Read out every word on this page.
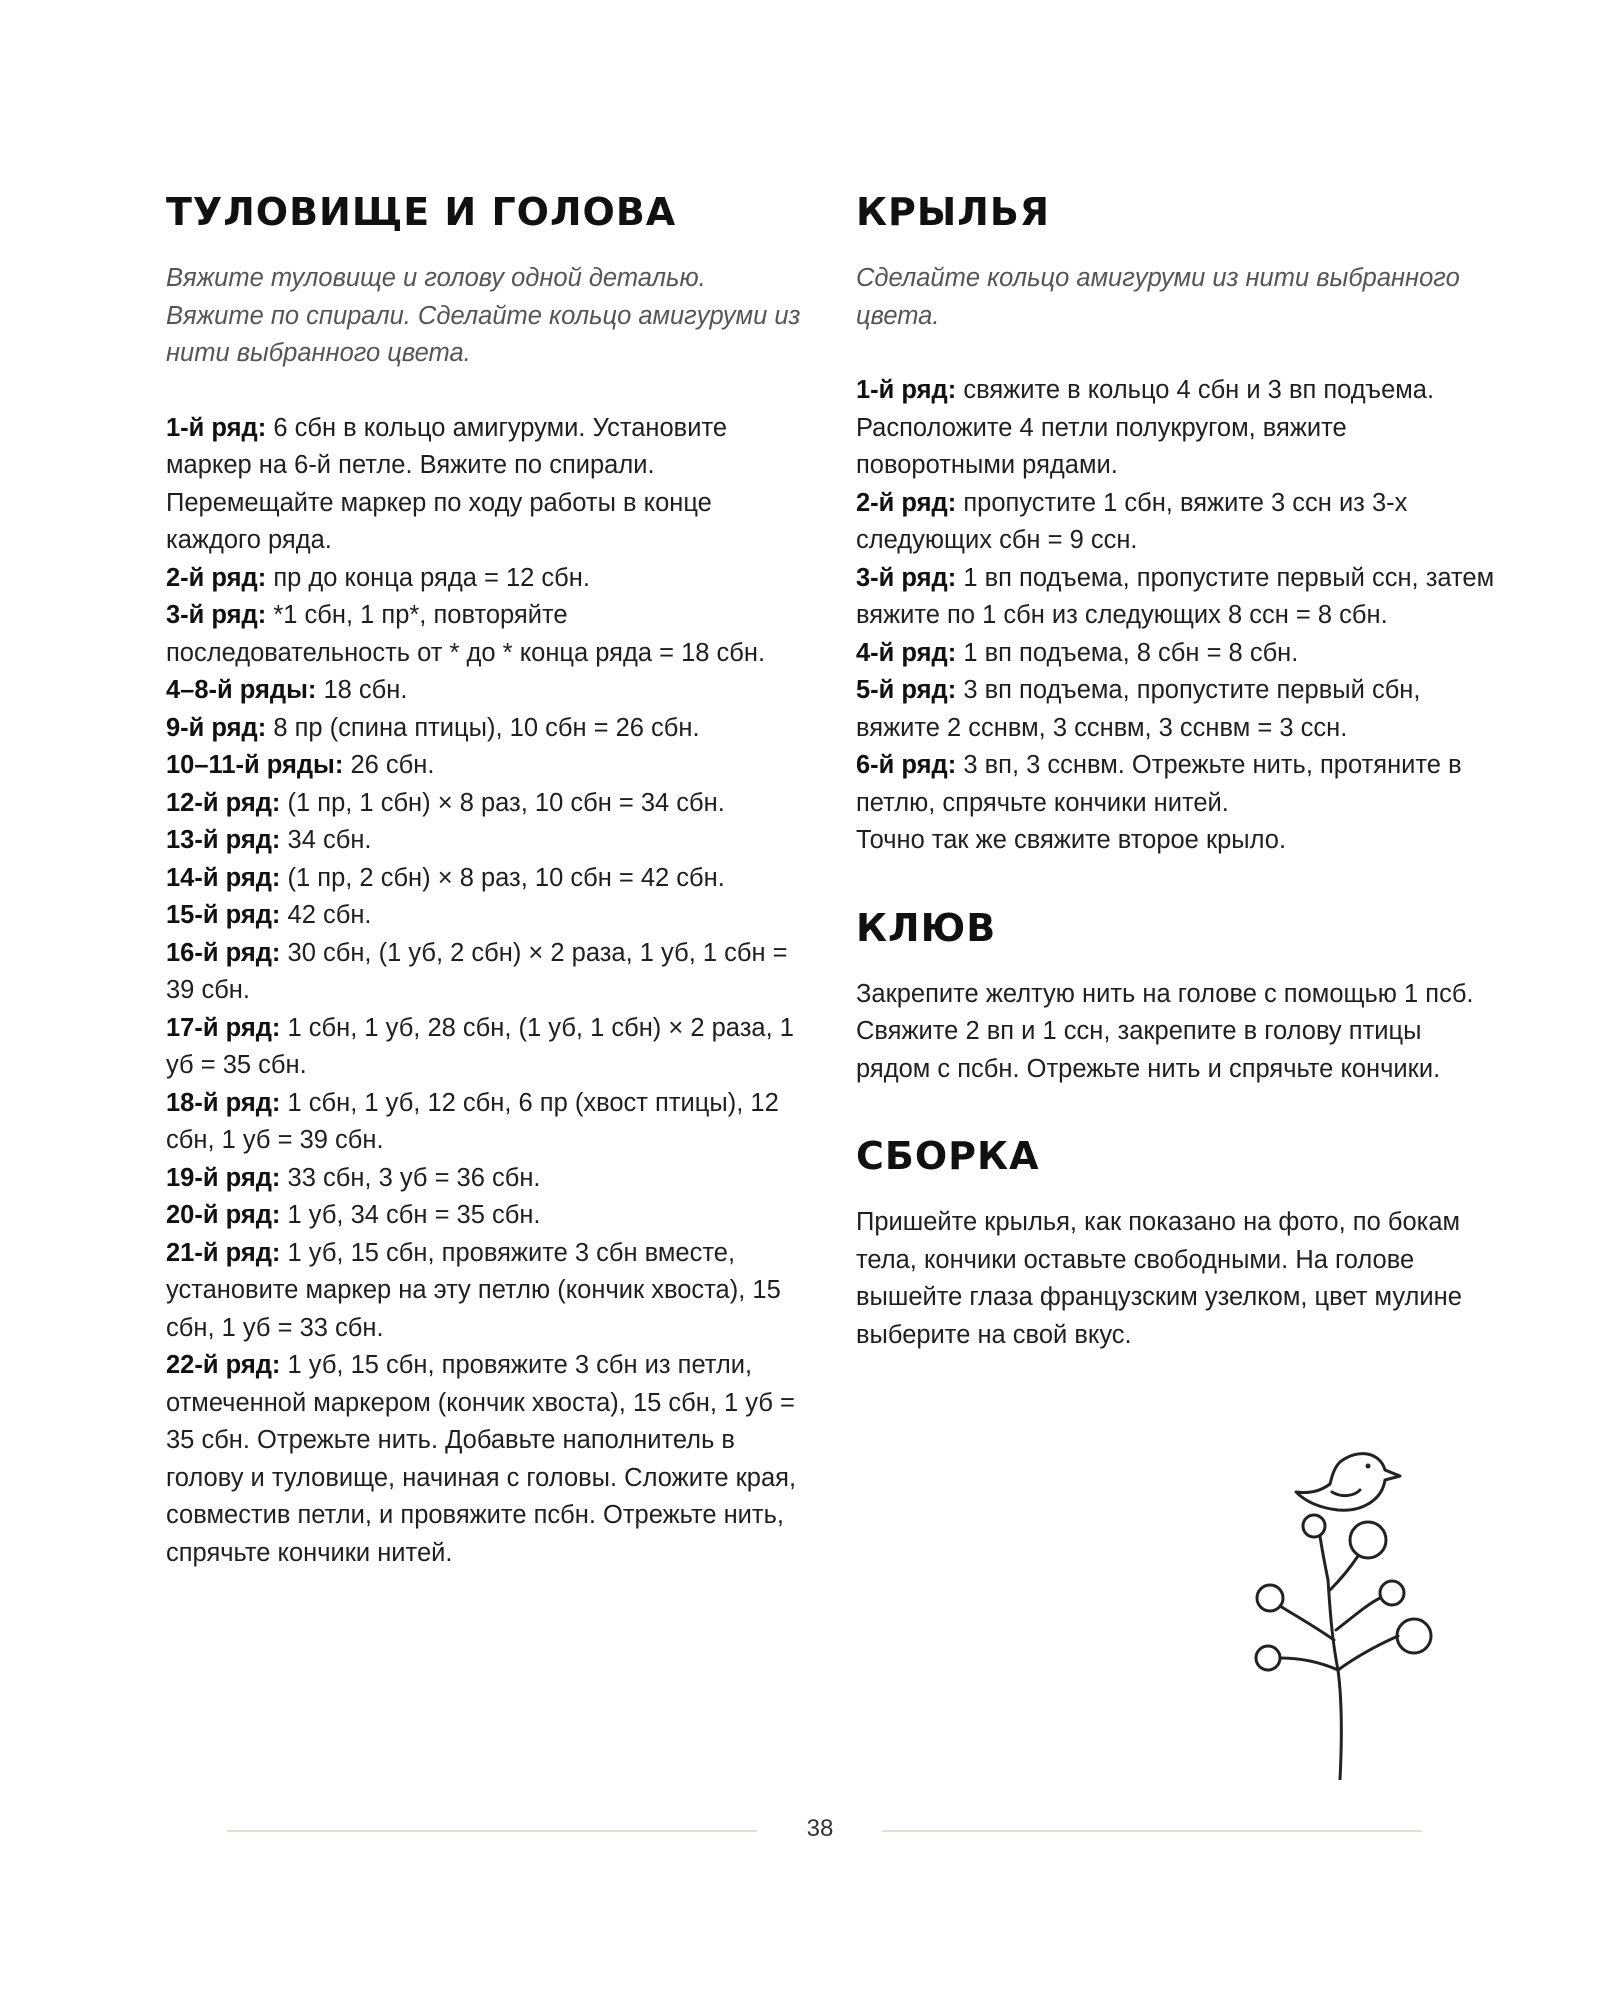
ТУЛОВИЩЕ И ГОЛОВА

Вяжите туловище и голову одной деталью. Вяжите по спирали. Сделайте кольцо амигуруми из нити выбранного цвета.

1-й ряд: 6 сбн в кольцо амигуруми. Установите маркер на 6-й петле. Вяжите по спирали. Перемещайте маркер по ходу работы в конце каждого ряда.

2-й ряд: пр до конца ряда = 12 сбн.

3-й ряд: *1 сбн, 1 пр*, повторяйте последовательность от * до * конца ряда = 18 сбн.

4–8-й ряды: 18 сбн.

9-й ряд: 8 пр (спина птицы), 10 сбн = 26 сбн.

10–11-й ряды: 26 сбн.

12-й ряд: (1 пр, 1 сбн) × 8 раз, 10 сбн = 34 сбн.

13-й ряд: 34 сбн.

14-й ряд: (1 пр, 2 сбн) × 8 раз, 10 сбн = 42 сбн.

15-й ряд: 42 сбн.

16-й ряд: 30 сбн, (1 уб, 2 сбн) × 2 раза, 1 уб, 1 сбн = 39 сбн.

17-й ряд: 1 сбн, 1 уб, 28 сбн, (1 уб, 1 сбн) × 2 раза, 1 уб = 35 сбн.

18-й ряд: 1 сбн, 1 уб, 12 сбн, 6 пр (хвост птицы), 12 сбн, 1 уб = 39 сбн.

19-й ряд: 33 сбн, 3 уб = 36 сбн.

20-й ряд: 1 уб, 34 сбн = 35 сбн.

21-й ряд: 1 уб, 15 сбн, провяжите 3 сбн вместе, установите маркер на эту петлю (кончик хвоста), 15 сбн, 1 уб = 33 сбн.

22-й ряд: 1 уб, 15 сбн, провяжите 3 сбн из петли, отмеченной маркером (кончик хвоста), 15 сбн, 1 уб = 35 сбн. Отрежьте нить. Добавьте наполнитель в голову и туловище, начиная с головы. Сложите края, совместив петли, и провяжите псбн. Отрежьте нить, спрячьте кончики нитей.

КРЫЛЬЯ

Сделайте кольцо амигуруми из нити выбранного цвета.

1-й ряд: свяжите в кольцо 4 сбн и 3 вп подъема. Расположите 4 петли полукругом, вяжите поворотными рядами.

2-й ряд: пропустите 1 сбн, вяжите 3 ссн из 3-х следующих сбн = 9 ссн.

3-й ряд: 1 вп подъема, пропустите первый ссн, затем вяжите по 1 сбн из следующих 8 ссн = 8 сбн.

4-й ряд: 1 вп подъема, 8 сбн = 8 сбн.

5-й ряд: 3 вп подъема, пропустите первый сбн, вяжите 2 сснвм, 3 сснвм, 3 сснвм = 3 ссн.

6-й ряд: 3 вп, 3 сснвм. Отрежьте нить, протяните в петлю, спрячьте кончики нитей.

Точно так же свяжите второе крыло.

КЛЮВ

Закрепите желтую нить на голове с помощью 1 псб. Свяжите 2 вп и 1 ссн, закрепите в голову птицы рядом с псбн. Отрежьте нить и спрячьте кончики.

СБОРКА

Пришейте крылья, как показано на фото, по бокам тела, кончики оставьте свободными. На голове вышейте глаза французским узелком, цвет мулине выберите на свой вкус.

38
